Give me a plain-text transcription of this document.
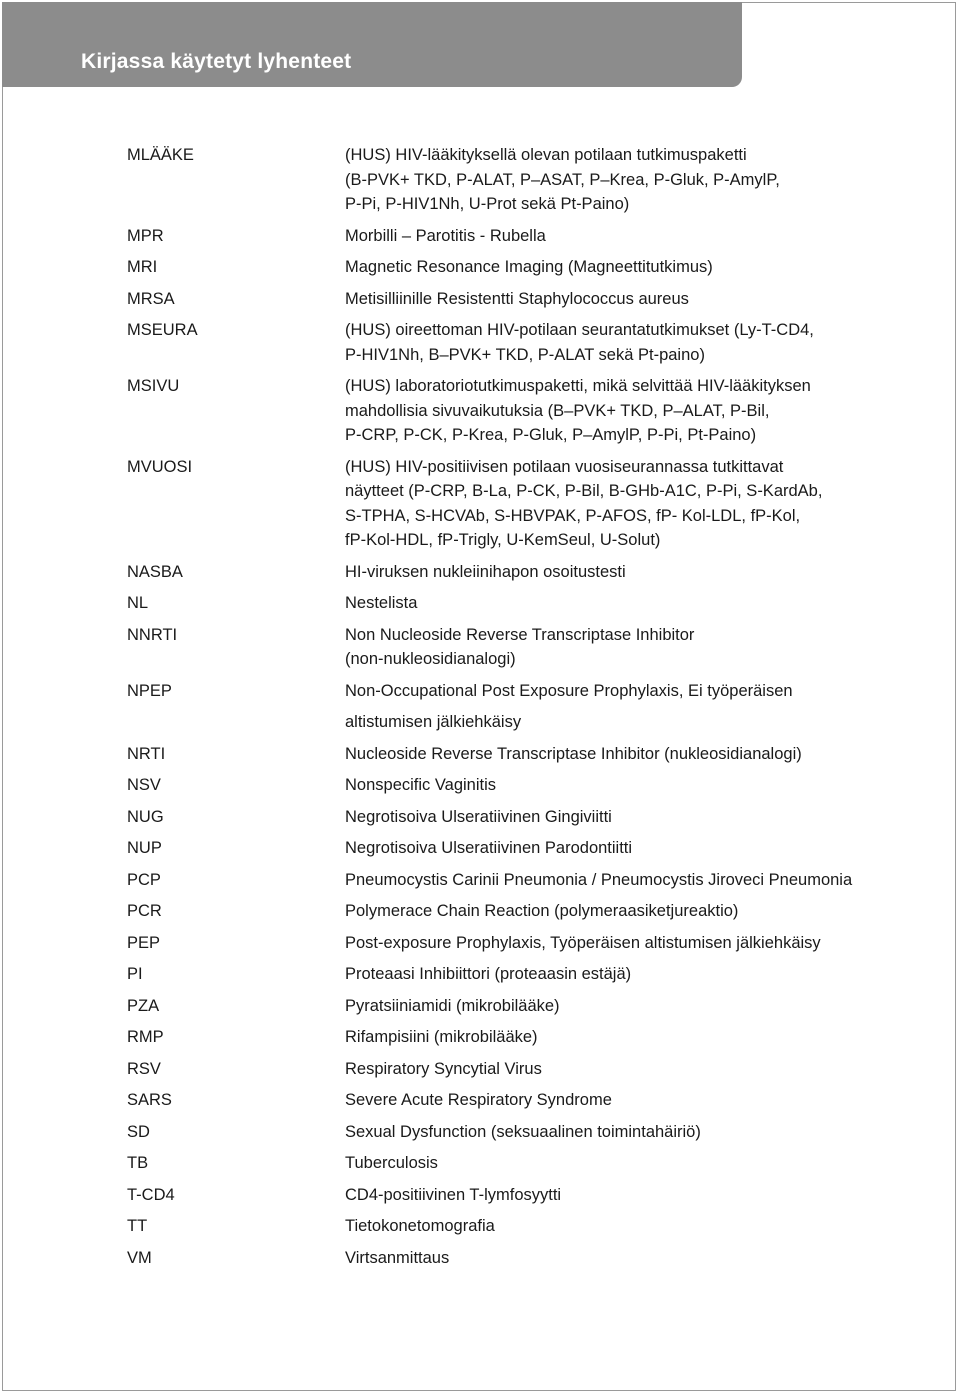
Kirjassa käytetyt lyhenteet
MLÄÄKE	(HUS) HIV-lääkityksellä olevan potilaan tutkimuspaketti
(B-PVK+ TKD, P-ALAT, P–ASAT, P–Krea, P-Gluk, P-AmylP,
P-Pi, P-HIV1Nh, U-Prot sekä Pt-Paino)
MPR	Morbilli – Parotitis - Rubella
MRI	Magnetic Resonance Imaging (Magneettitutkimus)
MRSA	Metisilliinille Resistentti Staphylococcus aureus
MSEURA	(HUS) oireettoman HIV-potilaan seurantatutkimukset (Ly-T-CD4,
P-HIV1Nh, B–PVK+ TKD, P-ALAT sekä Pt-paino)
MSIVU	(HUS) laboratoriotutkimuspaketti, mikä selvittää HIV-lääkityksen
mahdollisia sivuvaikutuksia (B–PVK+ TKD, P–ALAT, P-Bil,
P-CRP, P-CK, P-Krea, P-Gluk, P–AmylP, P-Pi, Pt-Paino)
MVUOSI	(HUS) HIV-positiivisen potilaan vuosiseurannassa tutkittavat
näytteet (P-CRP, B-La, P-CK, P-Bil, B-GHb-A1C, P-Pi, S-KardAb,
S-TPHA, S-HCVAb, S-HBVPAK, P-AFOS, fP- Kol-LDL, fP-Kol,
fP-Kol-HDL, fP-Trigly, U-KemSeul, U-Solut)
NASBA	HI-viruksen nukleiinihapon osoitustesti
NL	Nestelista
NNRTI	Non Nucleoside Reverse Transcriptase Inhibitor
(non-nukleosidianalogi)
NPEP	Non-Occupational Post Exposure Prophylaxis, Ei työperäisen
altistumisen jälkiehkäisy
NRTI	Nucleoside Reverse Transcriptase Inhibitor (nukleosidianalogi)
NSV	Nonspecific Vaginitis
NUG	Negrotisoiva Ulseratiivinen Gingiviitti
NUP	Negrotisoiva Ulseratiivinen Parodontiitti
PCP	Pneumocystis Carinii Pneumonia / Pneumocystis Jiroveci Pneumonia
PCR	Polymerace Chain Reaction (polymeraasiketjureaktio)
PEP	Post-exposure Prophylaxis, Työperäisen altistumisen jälkiehkäisy
PI	Proteaasi Inhibiittori (proteaasin estäjä)
PZA	Pyratsiiniamidi (mikrobilääke)
RMP	Rifampisiini (mikrobilääke)
RSV	Respiratory Syncytial Virus
SARS	Severe Acute Respiratory Syndrome
SD	Sexual Dysfunction (seksuaalinen toimintahäiriö)
TB	Tuberculosis
T-CD4	CD4-positiivinen T-lymfosyytti
TT	Tietokonetomografia
VM	Virtsanmittaus
